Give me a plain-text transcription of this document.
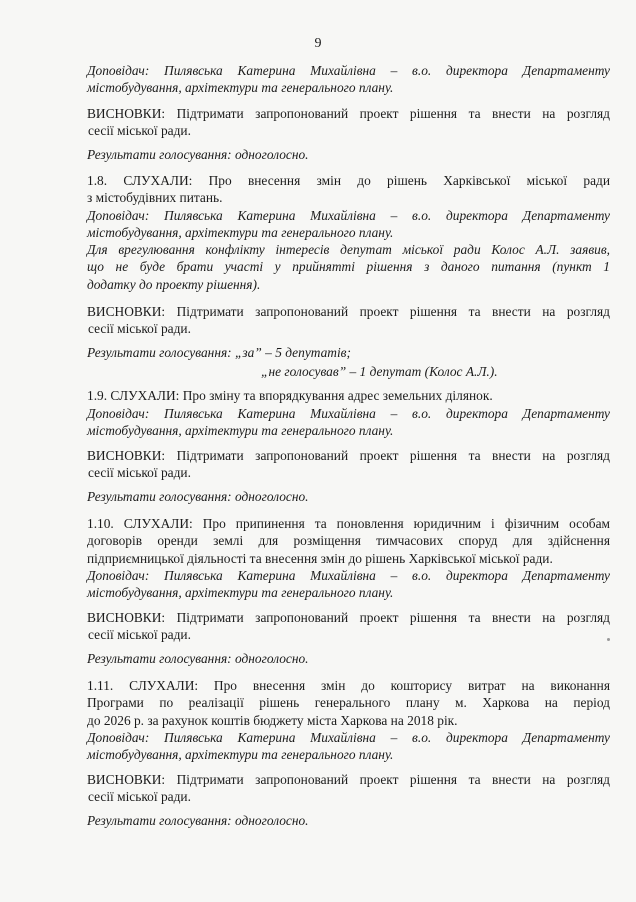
9

Доповідач: Пилявська Катерина Михайлівна – в.о. директора Департаменту

містобудування, архітектури та генерального плану.

ВИСНОВКИ: Підтримати запропонований проект рішення та внести на розгляд

сесії міської ради.

Результати голосування: одноголосно.

1.8. СЛУХАЛИ: Про внесення змін до рішень Харківської міської ради

з містобудівних питань.

Доповідач: Пилявська Катерина Михайлівна – в.о. директора Департаменту

містобудування, архітектури та генерального плану.

Для врегулювання конфлікту інтересів депутат міської ради Колос А.Л. заявив,

що не буде брати участі у прийнятті рішення з даного питання (пункт 1

додатку до проекту рішення).

ВИСНОВКИ: Підтримати запропонований проект рішення та внести на розгляд

сесії міської ради.

Результати голосування: „за” – 5 депутатів;

„не голосував” – 1 депутат (Колос А.Л.).

1.9. СЛУХАЛИ: Про зміну та впорядкування адрес земельних ділянок.

Доповідач: Пилявська Катерина Михайлівна – в.о. директора Департаменту

містобудування, архітектури та генерального плану.

ВИСНОВКИ: Підтримати запропонований проект рішення та внести на розгляд

сесії міської ради.

Результати голосування: одноголосно.

1.10. СЛУХАЛИ: Про припинення та поновлення юридичним і фізичним особам

договорів оренди землі для розміщення тимчасових споруд для здійснення

підприємницької діяльності та внесення змін до рішень Харківської міської ради.

Доповідач: Пилявська Катерина Михайлівна – в.о. директора Департаменту

містобудування, архітектури та генерального плану.

ВИСНОВКИ: Підтримати запропонований проект рішення та внести на розгляд

сесії міської ради.

Результати голосування: одноголосно.

1.11. СЛУХАЛИ: Про внесення змін до кошторису витрат на виконання

Програми по реалізації рішень генерального плану м. Харкова на період

до 2026 р. за рахунок коштів бюджету міста Харкова на 2018 рік.

Доповідач: Пилявська Катерина Михайлівна – в.о. директора Департаменту

містобудування, архітектури та генерального плану.

ВИСНОВКИ: Підтримати запропонований проект рішення та внести на розгляд

сесії міської ради.

Результати голосування: одноголосно.
